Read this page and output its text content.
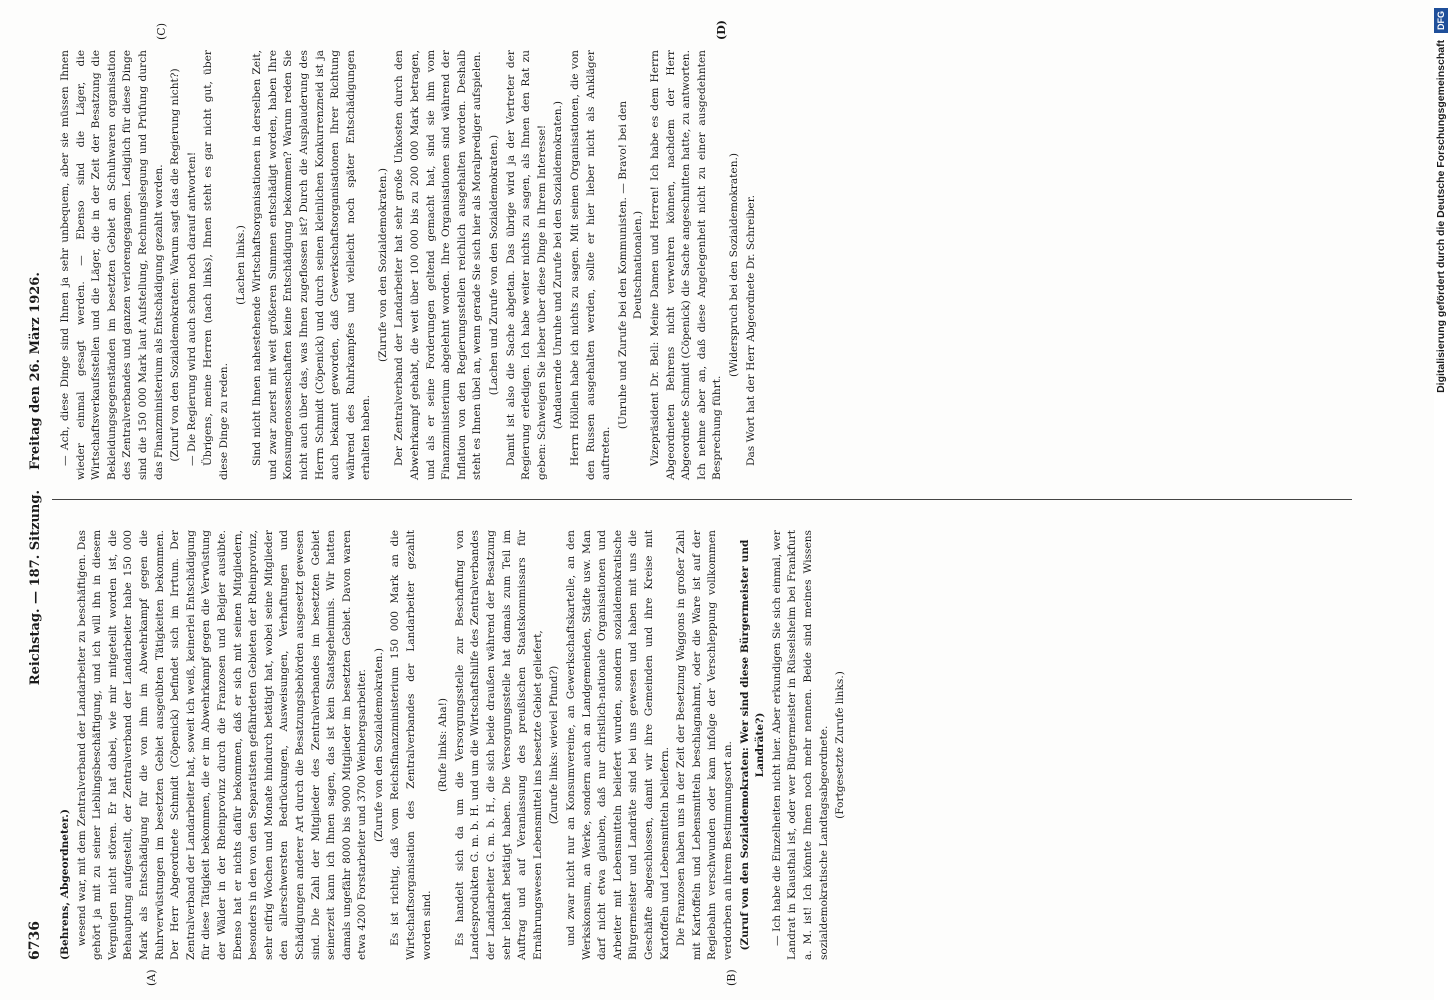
6736
Reichstag. — 187. Sitzung.
Freitag den 26. März 1926.
(A)	(B)
(C)	(D)

(Behrens, Abgeordneter.) wesend war, mit dem Zentralverband der Landarbeiter zu beschäftigen. Das gehört ja mit zu seiner Lieblingsbeschäftigung, und ich will ihn in diesem Vergnügen nicht stören. Er hat dabei, wie mir mitgeteilt worden ist, die Behauptung aufgestellt, der Zentralverband der Landarbeiter habe 150 000 Mark als Entschädigung für die von ihm im Abwehrkampf gegen die Ruhrverwüstungen im besetzten Gebiet ausgeübten Tätigkeiten bekommen. Der Herr Abgeordnete Schmidt (Cöpenick) befindet sich im Irrtum. Der Zentralverband der Landarbeiter hat, soweit ich weiß, keinerlei Entschädigung für diese Tätigkeit bekommen, die er im Abwehrkampf gegen die Verwüstung der Wälder in der Rheinprovinz durch die Franzosen und Belgier ausübte. Ebenso hat er nichts dafür bekommen, daß er sich mit seinen Mitgliedern, besonders in den von den Separatisten gefährdeten Gebieten der Rheinprovinz, sehr eifrig Wochen und Monate hindurch betätigt hat, wobei seine Mitglieder den allerschwersten Bedrückungen, Ausweisungen, Verhaftungen und Schädigungen anderer Art durch die Besatzungsbehörden ausgesetzt gewesen sind. Die Zahl der Mitglieder des Zentralverbandes im besetzten Gebiet seinerzeit kann ich Ihnen sagen, das ist kein Staatsgeheimnis. Wir hatten damals ungefähr 8000 bis 9000 Mitglieder im besetzten Gebiet. Davon waren etwa 4200 Forstarbeiter und 3700 Weinbergsarbeiter. (Zurufe von den Sozialdemokraten.) Es ist richtig, daß vom Reichsfinanzministerium 150 000 Mark an die Wirtschaftsorganisation des Zentralverbandes der Landarbeiter gezahlt worden sind.

(Rufe links: Aha!) Es handelt sich da um die Versorgungsstelle zur Beschaffung von Landesprodukten G. m. b. H. und um die Wirtschaftshilfe des Zentralverbandes der Landarbeiter G. m. b. H., die sich beide draußen während der Besatzung sehr lebhaft betätigt haben. Die Versorgungsstelle hat damals zum Teil im Auftrag und auf Veranlassung des preußischen Staatskommissars für Ernährungswesen Lebensmittel ins besetzte Gebiet geliefert, (Zurufe links: wieviel Pfund?) und zwar nicht nur an Konsumvereine, an Gewerkschaftskartelle, an den Werkskonsum, an Werke, sondern auch an Landgemeinden, Städte usw. Man darf nicht etwa glauben, daß nur christlich-nationale Organisationen und Arbeiter mit Lebensmitteln beliefert wurden, sondern sozialdemokratische Bürgermeister und Landräte sind bei uns gewesen und haben mit uns die Geschäfte abgeschlossen, damit wir ihre Gemeinden und ihre Kreise mit Kartoffeln und Lebensmitteln beliefern. Die Franzosen haben uns in der Zeit der Besetzung Waggons in großer Zahl mit Kartoffeln und Lebensmitteln beschlagnahmt, oder die Ware ist auf der Regiebahn verschwunden oder kam infolge der Verschleppung vollkommen verdorben an ihrem Bestimmungsort an. (Zuruf von den Sozialdemokraten: Wer sind diese Bürgermeister und Landräte?) — Ich habe die Einzelheiten nicht hier. Aber erkundigen Sie sich einmal, wer Landrat in Klausthal ist, oder wer Bürgermeister in Rüsselsheim bei Frankfurt a. M. ist! Ich könnte Ihnen noch mehr nennen. Beide sind meines Wissens sozialdemokratische Landtagsabgeordnete. (Fortgesetzte Zurufe links.)

— Ach, diese Dinge sind Ihnen ja sehr unbequem, aber sie müssen Ihnen wieder einmal gesagt werden. — Ebenso sind die Läger, die Wirtschaftsverkaufsstellen und die Läger, die in der Zeit der Besatzung die Bekleidungsgegenständen im besetzten Gebiet an Schuhwaren organisation des Zentralverbandes und ganzen verlorengegangen. Lediglich für diese Dinge sind die 150 000 Mark laut Aufstellung, Rechnungslegung und Prüfung durch das Finanzministerium als Entschädigung gezahlt worden. (Zuruf von den Sozialdemokraten: Warum sagt das die Regierung nicht?) — Die Regierung wird auch schon noch darauf antworten! Übrigens, meine Herren (nach links), Ihnen steht es gar nicht gut, über diese Dinge zu reden.

(Lachen links.) Sind nicht Ihnen nahestehende Wirtschaftsorganisationen in derselben Zeit, und zwar zuerst mit weit größeren Summen entschädigt worden, haben Ihre Konsumgenossenschaften keine Entschädigung bekommen? Warum reden Sie nicht auch über das, was Ihnen zugeflossen ist? Durch die Ausplauderung des Herrn Schmidt (Cöpenick) und durch seinen kleinlichen Konkurrenzneid ist ja auch bekannt geworden, daß Gewerkschaftsorganisationen Ihrer Richtung während des Ruhrkampfes und vielleicht noch später Entschädigungen erhalten haben.

(Zurufe von den Sozialdemokraten.) Der Zentralverband der Landarbeiter hat sehr große Unkosten durch den Abwehrkampf gehabt, die weit über 100 000 bis zu 200 000 Mark betragen, und als er seine Forderungen geltend gemacht hat, sind sie ihm vom Finanzministerium abgelehnt worden. Ihre Organisationen sind während der Inflation von den Regierungsstellen reichlich ausgehalten worden. Deshalb steht es Ihnen übel an, wenn gerade Sie sich hier als Moralprediger aufspielen. (Lachen und Zurufe von den Sozialdemokraten.) Damit ist also die Sache abgetan. Das übrige wird ja der Vertreter der Regierung erledigen. Ich habe weiter nichts zu sagen, als Ihnen den Rat zu geben: Schweigen Sie lieber über diese Dinge in Ihrem Interesse! (Andauernde Unruhe und Zurufe bei den Sozialdemokraten.) Herrn Höllein habe ich nichts zu sagen. Mit seinen Organisationen, die von den Russen ausgehalten werden, sollte er hier lieber nicht als Ankläger auftreten.

(Unruhe und Zurufe bei den Kommunisten. — Bravo! bei den Deutschnationalen.) Vizepräsident Dr. Bell: Meine Damen und Herren! Ich habe es dem Herrn Abgeordneten Behrens nicht verwehren können, nachdem der Herr Abgeordnete Schmidt (Cöpenick) die Sache angeschnitten hatte, zu antworten. Ich nehme aber an, daß diese Angelegenheit nicht zu einer ausgedehnten Besprechung führt.

(Widerspruch bei den Sozialdemokraten.) Das Wort hat der Herr Abgeordnete Dr. Schreiber.	Digitalisierung gefördert durch die Deutsche Forschungsgemeinschaft DFG
